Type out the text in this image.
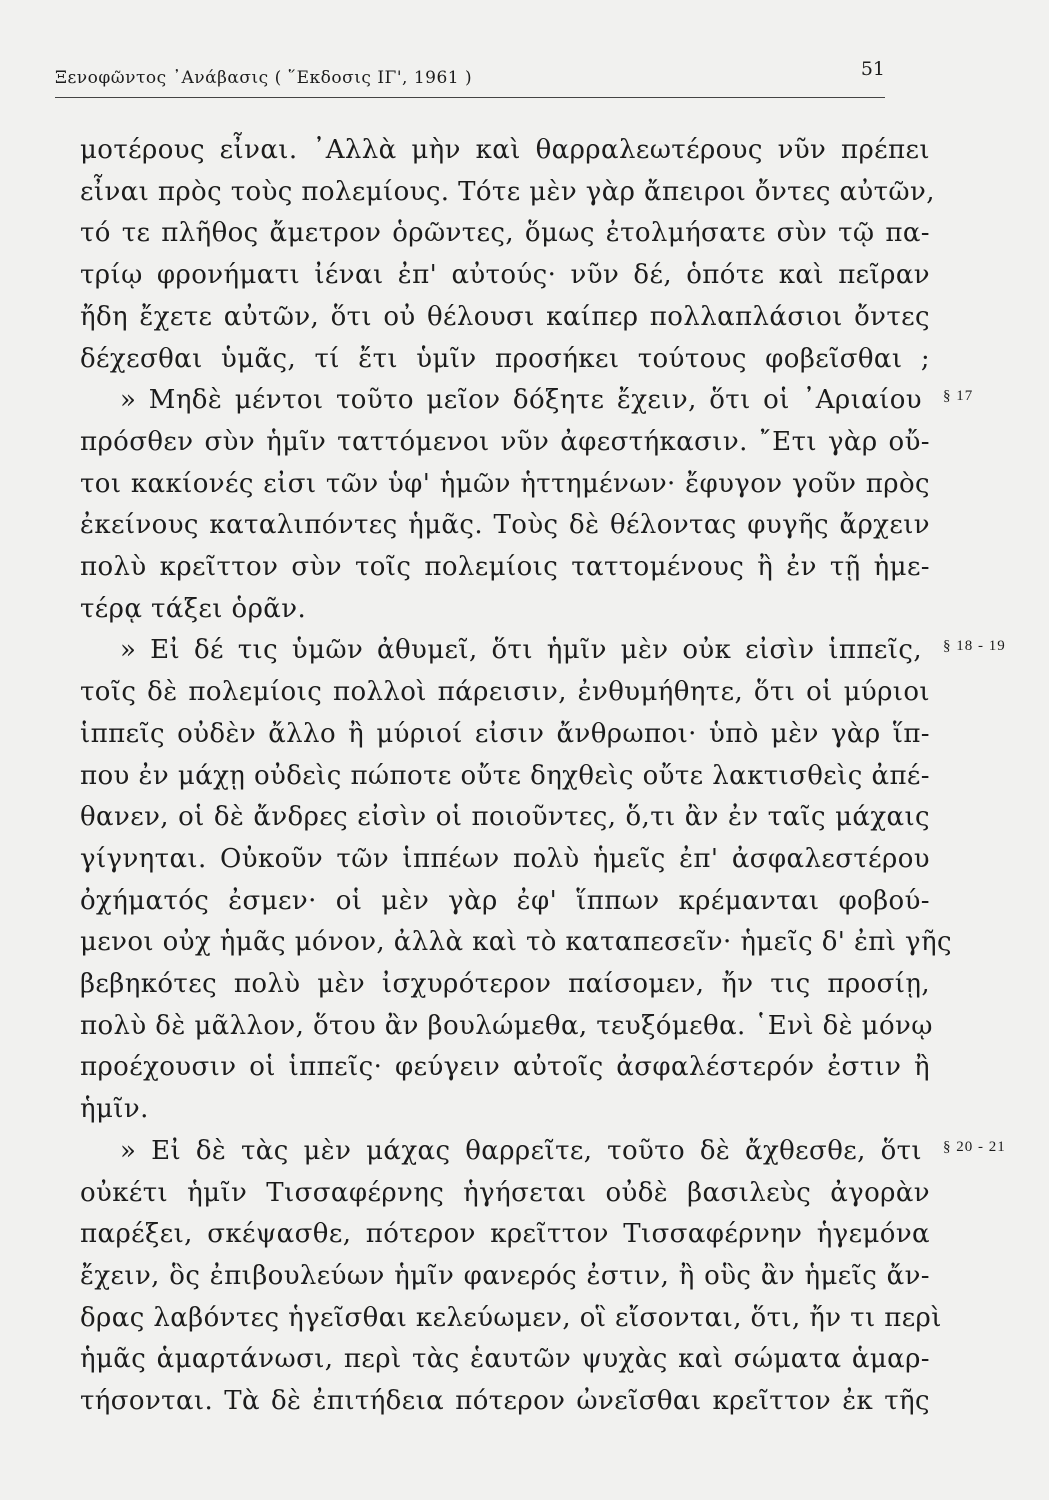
Ξενοφῶντος ᾽Ανάβασις ( ῞Εκδοσις ΙΓ', 1961 )	51
μοτέρους εἶναι. ᾽Αλλὰ μὴν καὶ θαρραλεωτέρους νῦν πρέπει
εἶναι πρὸς τοὺς πολεμίους. Τότε μὲν γὰρ ἄπειροι ὄντες αὐτῶν,
τό τε πλῆθος ἄμετρον ὁρῶντες, ὅμως ἐτολμήσατε σὺν τῷ πα-
τρίῳ φρονήματι ἰέναι ἐπ' αὐτούς· νῦν δέ, ὁπότε καὶ πεῖραν
ἤδη ἔχετε αὐτῶν, ὅτι οὐ θέλουσι καίπερ πολλαπλάσιοι ὄντες
δέχεσθαι ὑμᾶς, τί ἔτι ὑμῖν προσήκει τούτους φοβεῖσθαι ;
» Μηδὲ μέντοι τοῦτο μεῖον δόξητε ἔχειν, ὅτι οἱ ᾽Αριαίου § 17
πρόσθεν σὺν ἡμῖν ταττόμενοι νῦν ἀφεστήκασιν. ῎Ετι γὰρ οὔ-
τοι κακίονές εἰσι τῶν ὑφ' ἡμῶν ἡττημένων· ἔφυγον γοῦν πρὸς
ἐκείνους καταλιπόντες ἡμᾶς. Τοὺς δὲ θέλοντας φυγῆς ἄρχειν
πολὺ κρεῖττον σὺν τοῖς πολεμίοις ταττομένους ἢ ἐν τῇ ἡμε-
τέρᾳ τάξει ὁρᾶν.
» Εἰ δέ τις ὑμῶν ἀθυμεῖ, ὅτι ἡμῖν μὲν οὐκ εἰσὶν ἱππεῖς, § 18 - 19
τοῖς δὲ πολεμίοις πολλοὶ πάρεισιν, ἐνθυμήθητε, ὅτι οἱ μύριοι
ἱππεῖς οὐδὲν ἄλλο ἢ μύριοί εἰσιν ἄνθρωποι· ὑπὸ μὲν γὰρ ἵπ-
που ἐν μάχῃ οὐδεὶς πώποτε οὔτε δηχθεὶς οὔτε λακτισθεὶς ἀπέ-
θανεν, οἱ δὲ ἄνδρες εἰσὶν οἱ ποιοῦντες, ὅ,τι ἂν ἐν ταῖς μάχαις
γίγνηται. Οὐκοῦν τῶν ἱππέων πολὺ ἡμεῖς ἐπ' ἀσφαλεστέρου
ὀχήματός ἐσμεν· οἱ μὲν γὰρ ἐφ' ἵππων κρέμανται φοβού-
μενοι οὐχ ἡμᾶς μόνον, ἀλλὰ καὶ τὸ καταπεσεῖν· ἡμεῖς δ' ἐπὶ γῆς
βεβηκότες πολὺ μὲν ἰσχυρότερον παίσομεν, ἤν τις προσίῃ,
πολὺ δὲ μᾶλλον, ὅτου ἂν βουλώμεθα, τευξόμεθα. ῾Ενὶ δὲ μόνῳ
προέχουσιν οἱ ἱππεῖς· φεύγειν αὐτοῖς ἀσφαλέστερόν ἐστιν ἢ
ἡμῖν.
» Εἰ δὲ τὰς μὲν μάχας θαρρεῖτε, τοῦτο δὲ ἄχθεσθε, ὅτι § 20 - 21
οὐκέτι ἡμῖν Τισσαφέρνης ἡγήσεται οὐδὲ βασιλεὺς ἀγορὰν
παρέξει, σκέψασθε, πότερον κρεῖττον Τισσαφέρνην ἡγεμόνα
ἔχειν, ὃς ἐπιβουλεύων ἡμῖν φανερός ἐστιν, ἢ οὓς ἂν ἡμεῖς ἄν-
δρας λαβόντες ἡγεῖσθαι κελεύωμεν, οἳ εἴσονται, ὅτι, ἤν τι περὶ
ἡμᾶς ἁμαρτάνωσι, περὶ τὰς ἑαυτῶν ψυχὰς καὶ σώματα ἁμαρ-
τήσονται. Τὰ δὲ ἐπιτήδεια πότερον ὠνεῖσθαι κρεῖττον ἐκ τῆς
